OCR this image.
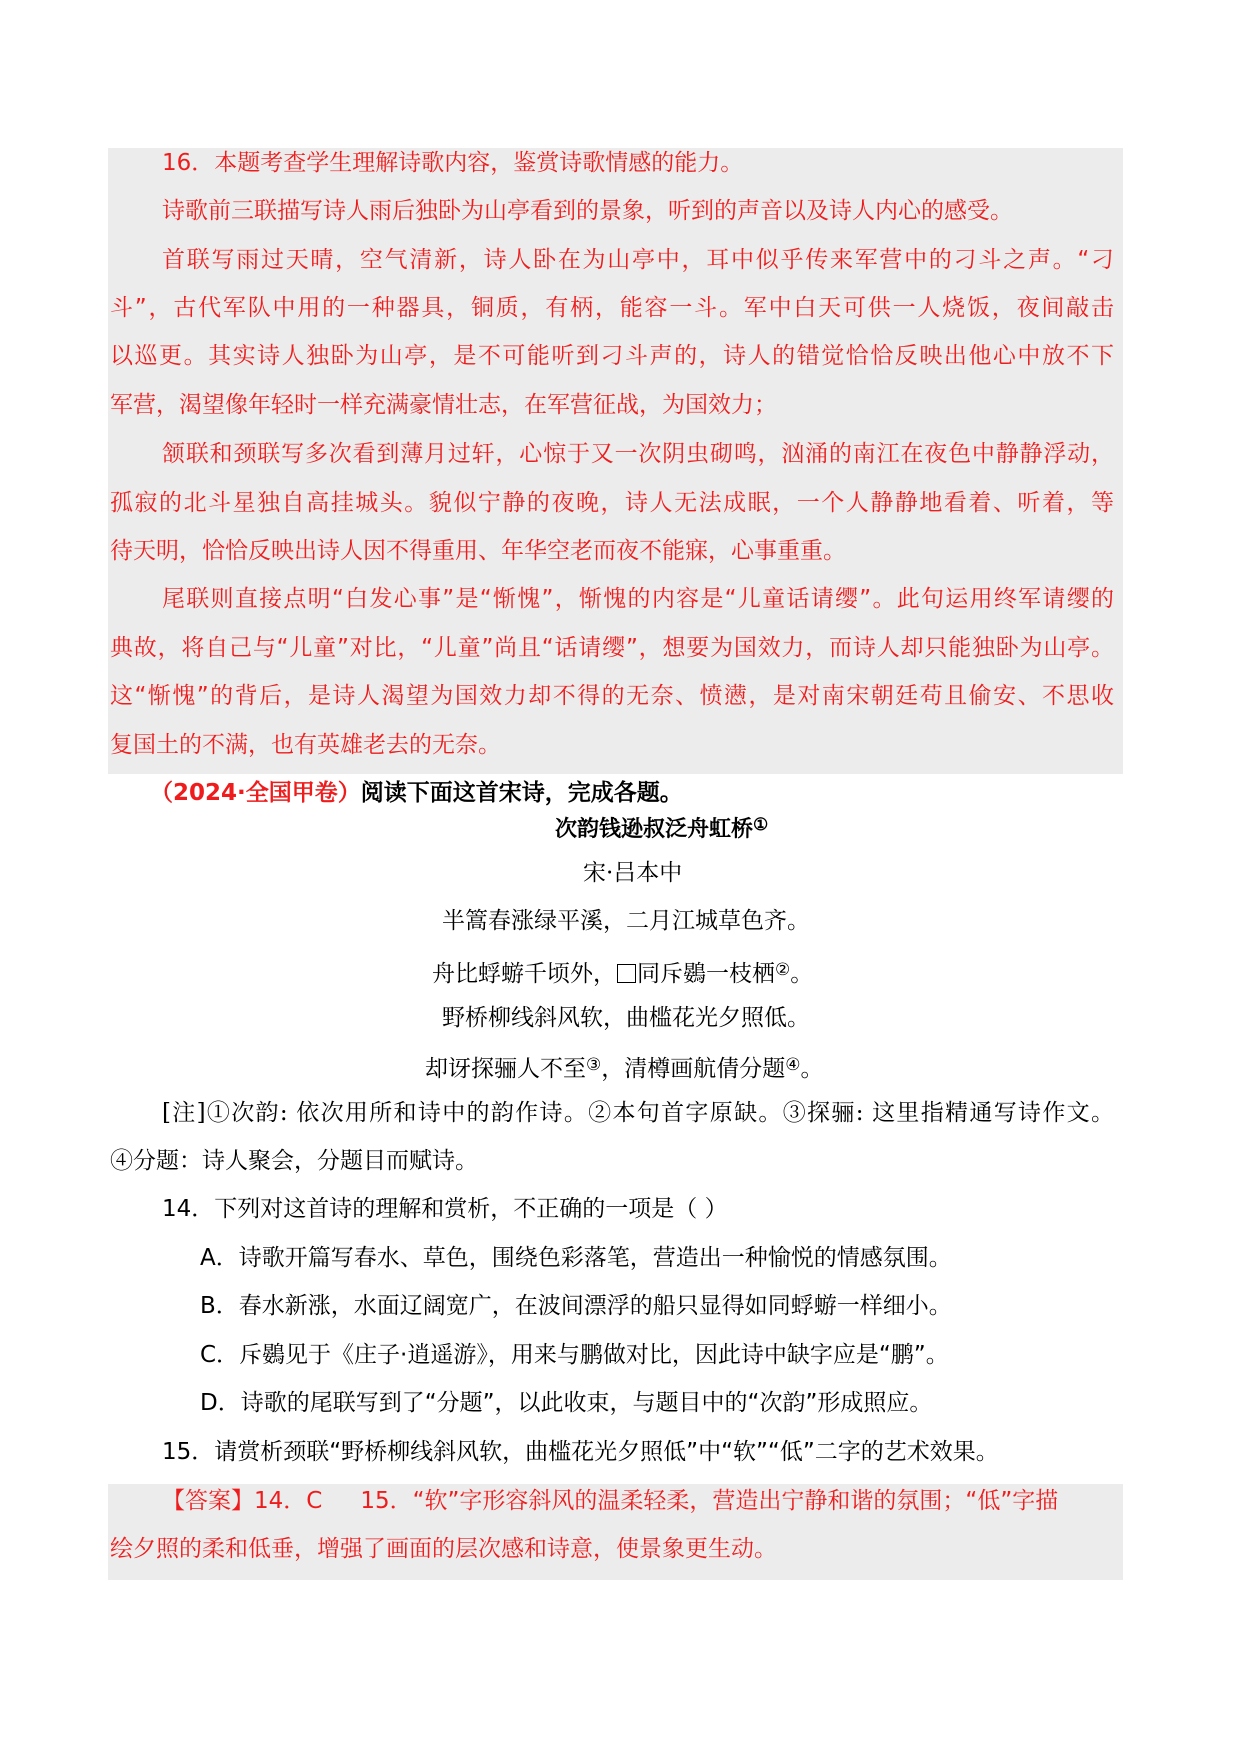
16．本题考查学生理解诗歌内容，鉴赏诗歌情感的能力。
诗歌前三联描写诗人雨后独卧为山亭看到的景象，听到的声音以及诗人内心的感受。
首联写雨过天晴，空气清新，诗人卧在为山亭中，耳中似乎传来军营中的刁斗之声。“刁
斗”，古代军队中用的一种器具，铜质，有柄，能容一斗。军中白天可供一人烧饭，夜间敲击
以巡更。其实诗人独卧为山亭，是不可能听到刁斗声的，诗人的错觉恰恰反映出他心中放不下
军营，渴望像年轻时一样充满豪情壮志，在军营征战，为国效力；
颔联和颈联写多次看到薄月过轩，心惊于又一次阴虫砌鸣，汹涌的南江在夜色中静静浮动，
孤寂的北斗星独自高挂城头。貌似宁静的夜晚，诗人无法成眠，一个人静静地看着、听着，等
待天明，恰恰反映出诗人因不得重用、年华空老而夜不能寐，心事重重。
尾联则直接点明“白发心事”是“惭愧”，惭愧的内容是“儿童话请缨”。此句运用终军请缨的
典故，将自己与“儿童”对比，“儿童”尚且“话请缨”，想要为国效力，而诗人却只能独卧为山亭。
这“惭愧”的背后，是诗人渴望为国效力却不得的无奈、愤懑，是对南宋朝廷苟且偷安、不思收
复国土的不满，也有英雄老去的无奈。
（2024·全国甲卷）阅读下面这首宋诗，完成各题。
次韵钱逊叔泛舟虹桥①
宋·吕本中
半篙春涨绿平溪，二月江城草色齐。
舟比蜉蝣千顷外， 同斥鷃一枝栖②。
野桥柳线斜风软，曲槛花光夕照低。
却讶探骊人不至③，清樽画航倩分题④。
[注]①次韵: 依次用所和诗中的韵作诗。②本句首字原缺。③探骊: 这里指精通写诗作文。
④分题：诗人聚会，分题目而赋诗。
14．下列对这首诗的理解和赏析，不正确的一项是（ ）
A．诗歌开篇写春水、草色，围绕色彩落笔，营造出一种愉悦的情感氛围。
B．春水新涨，水面辽阔宽广，在波间漂浮的船只显得如同蜉蝣一样细小。
C．斥鷃见于《庄子·逍遥游》，用来与鹏做对比，因此诗中缺字应是“鹏”。
D．诗歌的尾联写到了“分题”，以此收束，与题目中的“次韵”形成照应。
15．请赏析颈联“野桥柳线斜风软，曲槛花光夕照低”中“软”“低”二字的艺术效果。
【答案】14．C 15．“软”字形容斜风的温柔轻柔，营造出宁静和谐的氛围；“低”字描
绘夕照的柔和低垂，增强了画面的层次感和诗意，使景象更生动。
